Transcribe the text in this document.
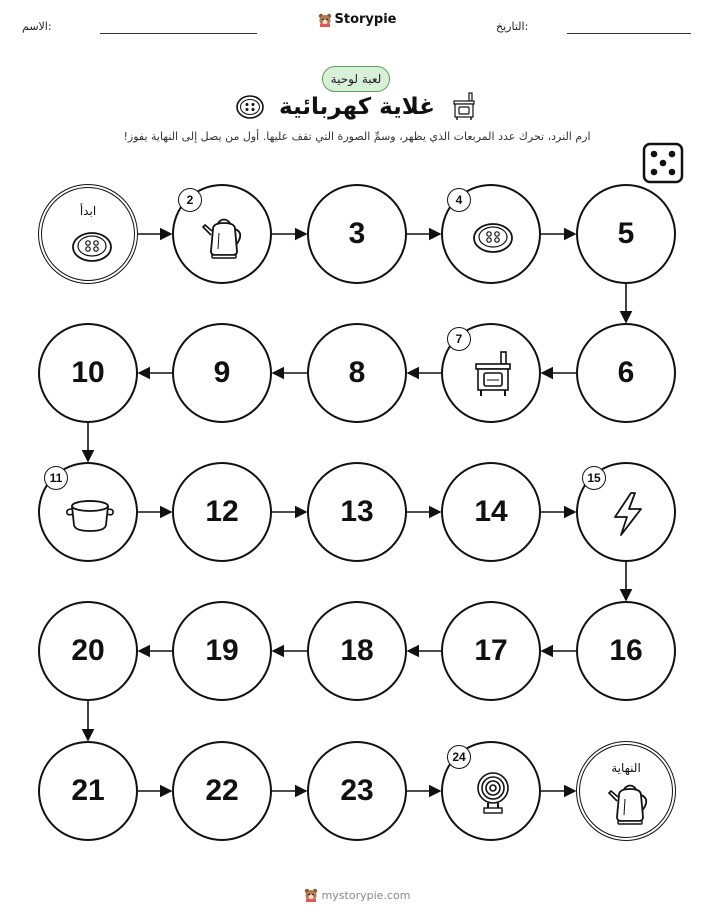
الاسم:	التاريخ:
Storypie
لعبة لوحية
غلاية كهربائية
ارم النرد، تحرك عدد المربعات الذي يظهر، وسمِّ الصورة التي تقف عليها. أول من يصل إلى النهاية يفوز!
ابدأ
2
3
4
5
6
7
8
9
10
11
12	13	14
15
16
17
18
19
20
21	22	23
24
النهاية
mystorypie.com
